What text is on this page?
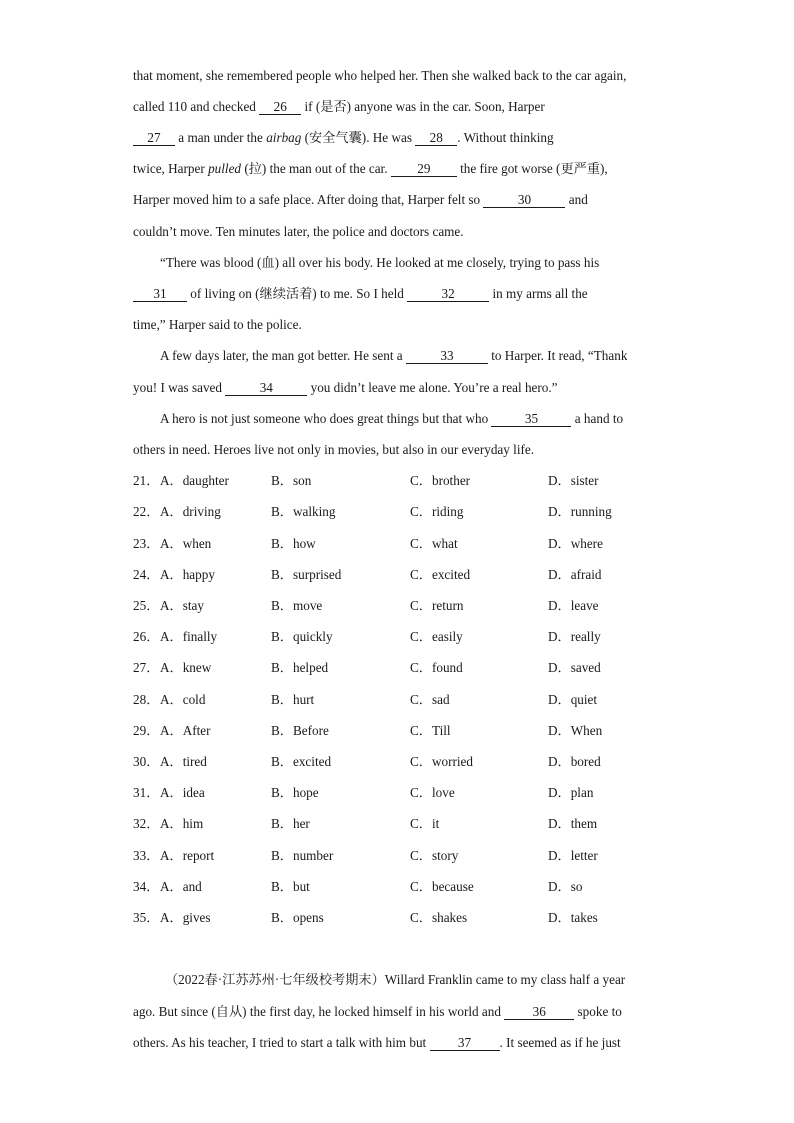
that moment, she remembered people who helped her. Then she walked back to the car again,
called 110 and checked 26 if (是否) anyone was in the car. Soon, Harper
27 a man under the airbag (安全气囊). He was 28 . Without thinking
twice, Harper pulled (拉) the man out of the car. 29 the fire got worse (更严重),
Harper moved him to a safe place. After doing that, Harper felt so	30	and
couldn’t move. Ten minutes later, the police and doctors came.
“There was blood (血) all over his body. He looked at me closely, trying to pass his
31 of living on (继续活着) to me. So I held	32	in my arms all the
time,” Harper said to the police.
A few days later, the man got better. He sent a	33	to Harper. It read, “Thank
you! I was saved	34	you didn’t leave me alone. You’re a real hero.”
A hero is not just someone who does great things but that who	35	a hand to
others in need. Heroes live not only in movies, but also in our everyday life.
21． A．daughter	B．son	C．brother	D．sister
22． A．driving	B．walking	C．riding	D．running
23． A．when	B．how	C．what	D．where
24． A．happy	B．surprised	C．excited	D．afraid
25． A．stay	B．move	C．return	D．leave
26． A．finally	B．quickly	C．easily	D．really
27． A．knew	B．helped	C．found	D．saved
28． A．cold	B．hurt	C．sad	D．quiet
29． A．After	B．Before	C．Till	D．When
30． A．tired	B．excited	C．worried	D．bored
31． A．idea	B．hope	C．love	D．plan
32． A．him	B．her	C．it	D．them
33． A．report	B．number	C．story	D．letter
34． A．and	B．but	C．because	D．so
35． A．gives	B．opens	C．shakes	D．takes
（2022春·江苏苏州·七年级校考期末）Willard Franklin came to my class half a year
ago. But since (自从) the first day, he locked himself in his world and 36 spoke to
others. As his teacher, I tried to start a talk with him but 37 . It seemed as if he just
